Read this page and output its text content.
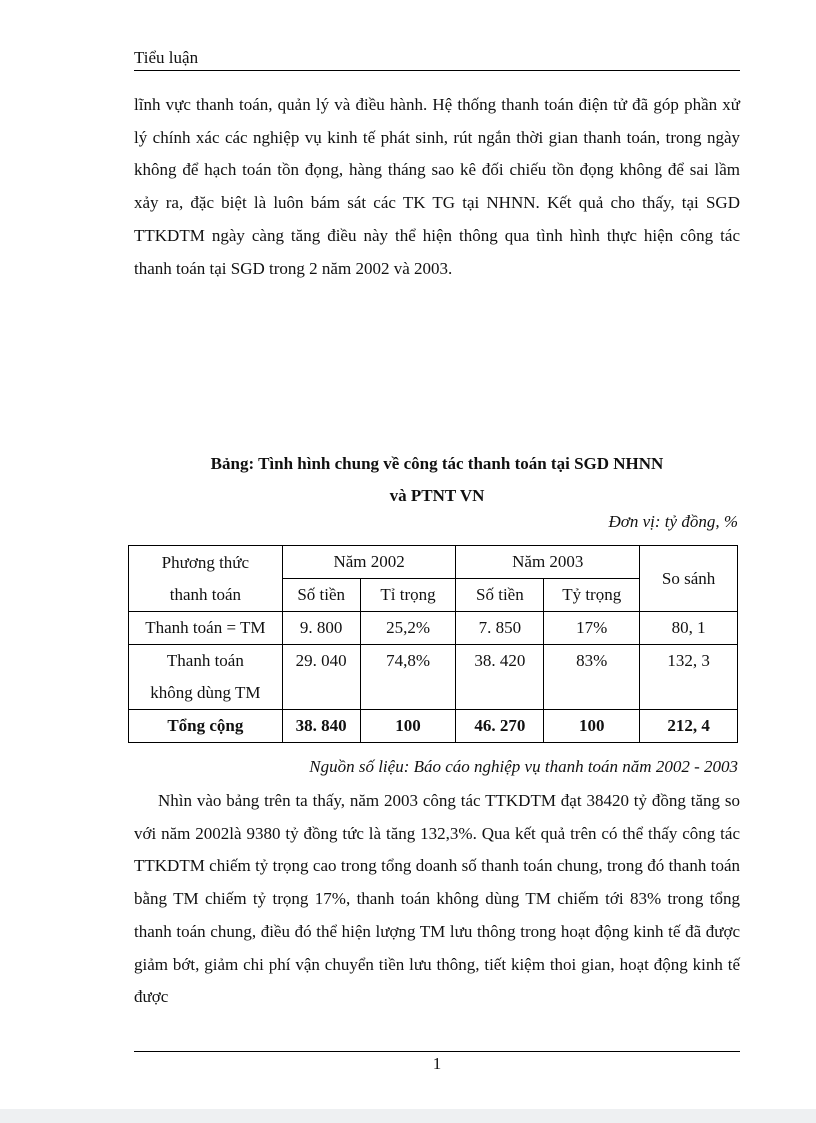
Tiểu luận

lĩnh vực thanh toán, quản lý và điều hành. Hệ thống thanh toán điện tử đã góp phần xử lý chính xác các nghiệp vụ kinh tế phát sinh, rút ngắn thời gian thanh toán, trong ngày không để hạch toán tồn đọng, hàng tháng sao kê đối chiếu tồn đọng không để sai lầm xảy ra, đặc biệt là luôn bám sát các TK TG tại NHNN. Kết quả cho thấy, tại SGD TTKDTM ngày càng tăng điều này thể hiện thông qua tình hình thực hiện công tác thanh toán tại SGD trong 2 năm 2002 và 2003.

Bảng: Tình hình chung về công tác thanh toán tại SGD NHNN
và PTNT VN
Đơn vị: tỷ đồng, %
Phương thức
thanh toán	Năm 2002		Năm 2003		So sánh
	Số tiền	Tỉ trọng	Số tiền	Tỷ trọng	
Thanh toán = TM	9. 800	25,2%	7. 850	17%	80, 1

Thanh toán
không dùng TM	29. 040	74,8%	38. 420	83%	132, 3
Tổng cộng	38. 840	100	46. 270	100	212, 4
Nguồn số liệu: Báo cáo nghiệp vụ thanh toán năm 2002 - 2003

Nhìn vào bảng trên ta thấy, năm 2003 công tác TTKDTM đạt 38420 tỷ đồng tăng so với năm 2002là 9380 tỷ đồng tức là tăng 132,3%. Qua kết quả trên có thể thấy công tác TTKDTM chiếm tỷ trọng cao trong tổng doanh số thanh toán chung, trong đó thanh toán bằng TM chiếm tỷ trọng 17%, thanh toán không dùng TM chiếm tới 83% trong tổng thanh toán chung, điều đó thể hiện lượng TM lưu thông trong hoạt động kinh tế đã được giảm bớt, giảm chi phí vận chuyển tiền lưu thông, tiết kiệm thoi gian, hoạt động kinh tế được

1
